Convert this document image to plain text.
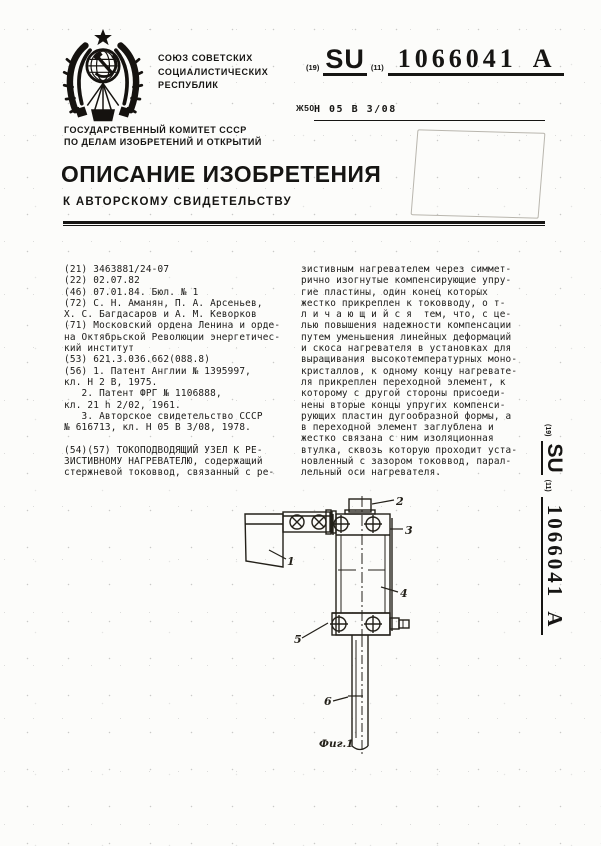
СОЮЗ СОВЕТСКИХ
СОЦИАЛИСТИЧЕСКИХ
РЕСПУБЛИК
ГОСУДАРСТВЕННЫЙ КОМИТЕТ СССР
ПО ДЕЛАМ ИЗОБРЕТЕНИЙ И ОТКРЫТИЙ
(19) SU (11) 1066041 A
Ж50 H 05 B 3/08
ОПИСАНИЕ ИЗОБРЕТЕНИЯ
К АВТОРСКОМУ СВИДЕТЕЛЬСТВУ
(21) 3463881/24-07
(22) 02.07.82
(46) 07.01.84. Бюл. № 1
(72) С. Н. Аманян, П. А. Арсеньев,
Х. С. Багдасаров и А. М. Кеворков
(71) Московский ордена Ленина и орде-
на Октябрьской Революции энергетичес-
кий институт
(53) 621.3.036.662(088.8)
(56) 1. Патент Англии № 1395997,
кл. Н 2 В, 1975.
2. Патент ФРГ № 1106888,
кл. 21 h 2/02, 1961.
3. Авторское свидетельство СССР
№ 616713, кл. Н 05 В 3/08, 1978.

(54)(57) ТОКОПОДВОДЯЩИЙ УЗЕЛ К РЕ-
ЗИСТИВНОМУ НАГРЕВАТЕЛЮ, содержащий
стержневой токоввод, связанный с ре-
зистивным нагревателем через симмет-
рично изогнутые компенсирующие упру-
гие пластины, один конец которых
жестко прикреплен к токовводу, о т-
л и ч а ю щ и й с я  тем, что, с це-
лью повышения надежности компенсации
путем уменьшения линейных деформаций
и скоса нагревателя в установках для
выращивания высокотемпературных моно-
кристаллов, к одному концу нагревате-
ля прикреплен переходной элемент, к
которому с другой стороны присоеди-
нены вторые концы упругих компенси-
рующих пластин дугообразной формы, а
в переходной элемент заглублена и
жестко связана с ним изоляционная
втулка, сквозь которую проходит уста-
новленный с зазором токоввод, парал-
лельный оси нагревателя.
1
2
3
4
5
6
Фиг.1
(19)
SU
(11)
1066041
А
